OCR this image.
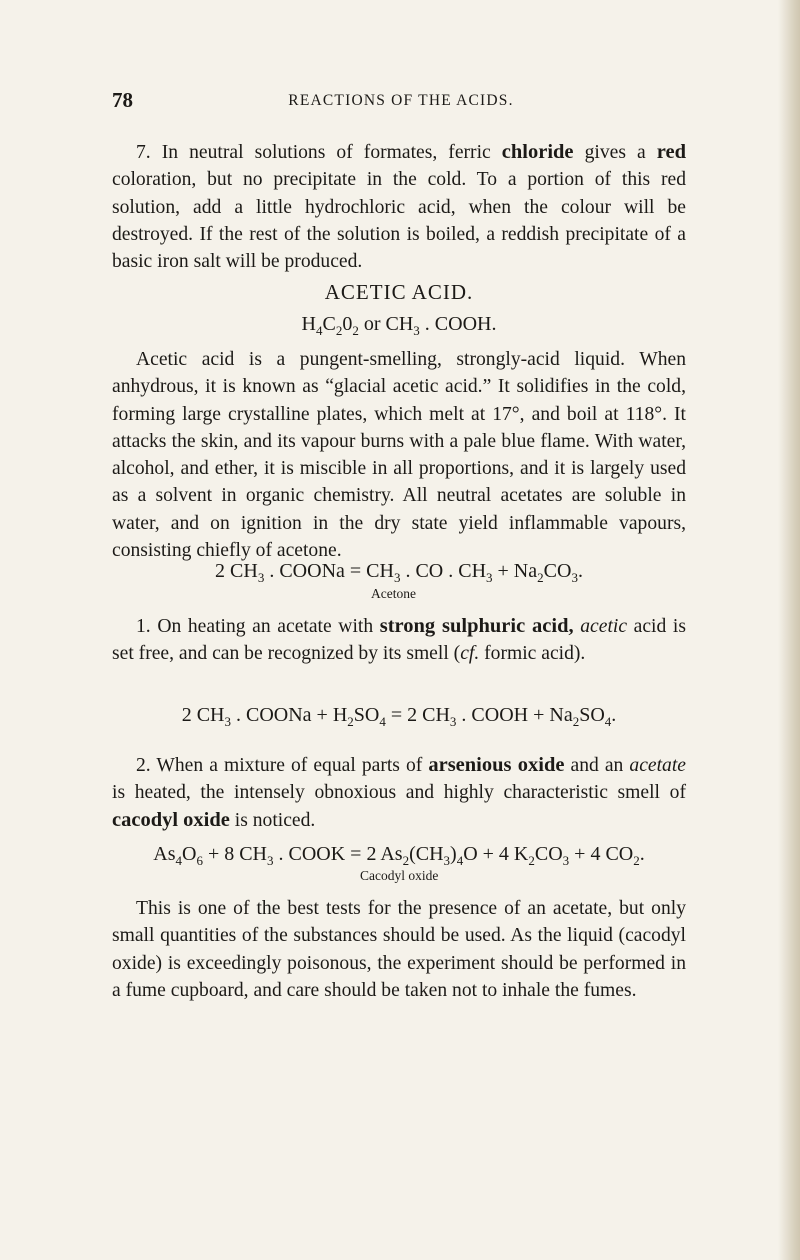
78	REACTIONS OF THE ACIDS.

7. In neutral solutions of formates, ferric chloride gives a red coloration, but no precipitate in the cold. To a portion of this red solution, add a little hydrochloric acid, when the colour will be destroyed. If the rest of the solution is boiled, a reddish precipitate of a basic iron salt will be produced.

ACETIC ACID.
$H_4C_20_2$ or $CH_3$ . COOH.

Acetic acid is a pungent-smelling, strongly-acid liquid. When anhydrous, it is known as “glacial acetic acid.” It solidifies in the cold, forming large crystalline plates, which melt at 17°, and boil at 118°. It attacks the skin, and its vapour burns with a pale blue flame. With water, alcohol, and ether, it is miscible in all proportions, and it is largely used as a solvent in organic chemistry. All neutral acetates are soluble in water, and on ignition in the dry state yield inflammable vapours, consisting chiefly of acetone.

2 $CH_3$ . COONa = $CH_3$ . CO . $CH_3 + Na_2CO_3$.
Acetone

1. On heating an acetate with strong sulphuric acid, acetic acid is set free, and can be recognized by its smell (cf. formic acid).

2 $CH_3$ . COONa + $H_2SO_4 = 2$ $CH_3$ . COOH + $Na_2SO_4$.

2. When a mixture of equal parts of arsenious oxide and an acetate is heated, the intensely obnoxious and highly characteristic smell of cacodyl oxide is noticed.

$As_4O_6 + 8$ $CH_3$ . COOK = 2 $As_2(CH_3)_4O + 4$ $K_2CO_3 + 4$ $CO_2$.
Cacodyl oxide

This is one of the best tests for the presence of an acetate, but only small quantities of the substances should be used. As the liquid (cacodyl oxide) is exceedingly poisonous, the experiment should be performed in a fume cupboard, and care should be taken not to inhale the fumes.
